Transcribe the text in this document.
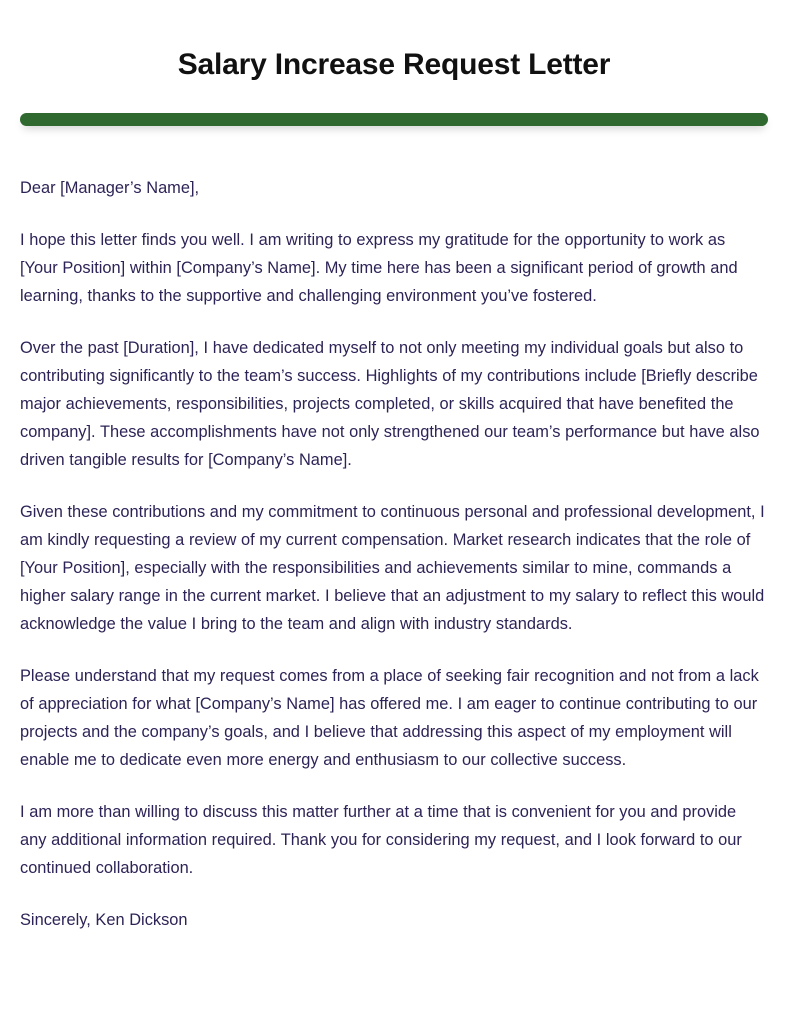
Salary Increase Request Letter

Dear [Manager’s Name],

I hope this letter finds you well. I am writing to express my gratitude for the opportunity to work as [Your Position] within [Company’s Name]. My time here has been a significant period of growth and learning, thanks to the supportive and challenging environment you’ve fostered.

Over the past [Duration], I have dedicated myself to not only meeting my individual goals but also to contributing significantly to the team’s success. Highlights of my contributions include [Briefly describe major achievements, responsibilities, projects completed, or skills acquired that have benefited the company]. These accomplishments have not only strengthened our team’s performance but have also driven tangible results for [Company’s Name].

Given these contributions and my commitment to continuous personal and professional development, I am kindly requesting a review of my current compensation. Market research indicates that the role of [Your Position], especially with the responsibilities and achievements similar to mine, commands a higher salary range in the current market. I believe that an adjustment to my salary to reflect this would acknowledge the value I bring to the team and align with industry standards.

Please understand that my request comes from a place of seeking fair recognition and not from a lack of appreciation for what [Company’s Name] has offered me. I am eager to continue contributing to our projects and the company’s goals, and I believe that addressing this aspect of my employment will enable me to dedicate even more energy and enthusiasm to our collective success.

I am more than willing to discuss this matter further at a time that is convenient for you and provide any additional information required. Thank you for considering my request, and I look forward to our continued collaboration.

Sincerely, Ken Dickson
